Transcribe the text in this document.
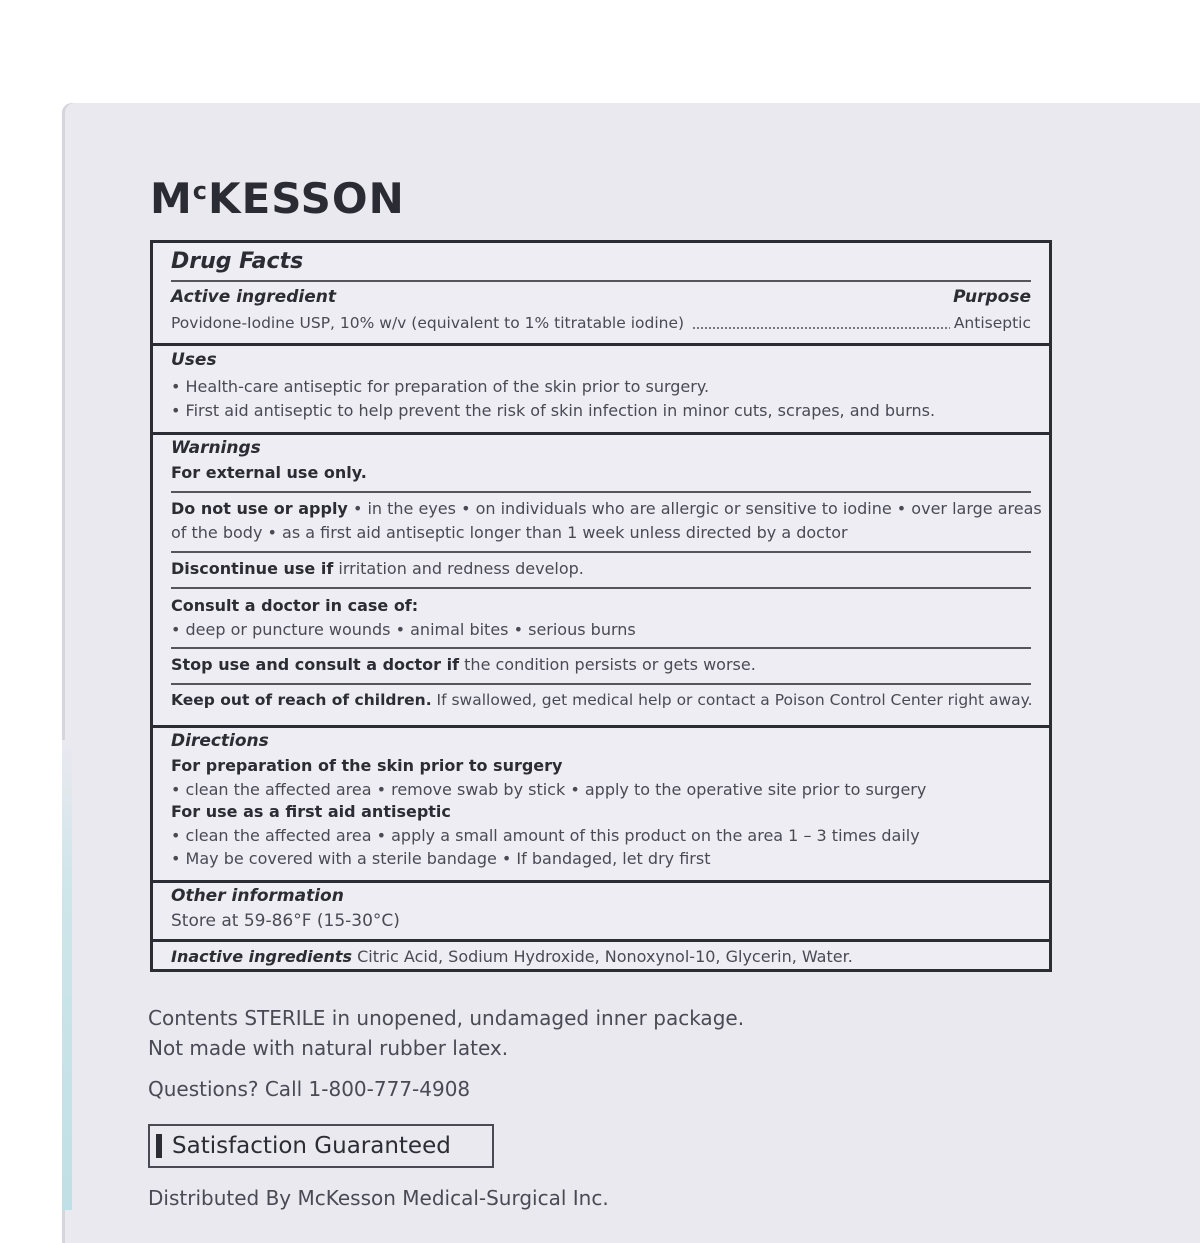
$M^cKESSON$
Drug Facts
Active ingredient	Purpose
Povidone-Iodine USP, 10% w/v (equivalent to 1% titratable iodine)	Antiseptic
Uses
• Health-care antiseptic for preparation of the skin prior to surgery.
• First aid antiseptic to help prevent the risk of skin infection in minor cuts, scrapes, and burns.
Warnings
For external use only.
Do not use or apply • in the eyes • on individuals who are allergic or sensitive to iodine • over large areas
of the body • as a first aid antiseptic longer than 1 week unless directed by a doctor
Discontinue use if irritation and redness develop.
Consult a doctor in case of:
• deep or puncture wounds • animal bites • serious burns
Stop use and consult a doctor if the condition persists or gets worse.
Keep out of reach of children. If swallowed, get medical help or contact a Poison Control Center right away.
Directions
For preparation of the skin prior to surgery
• clean the affected area • remove swab by stick • apply to the operative site prior to surgery
For use as a first aid antiseptic
• clean the affected area • apply a small amount of this product on the area 1 – 3 times daily
• May be covered with a sterile bandage • If bandaged, let dry first
Other information
Store at 59-86°F (15-30°C)
Inactive ingredients Citric Acid, Sodium Hydroxide, Nonoxynol-10, Glycerin, Water.
Contents STERILE in unopened, undamaged inner package.
Not made with natural rubber latex.
Questions? Call 1-800-777-4908
Satisfaction Guaranteed
Distributed By McKesson Medical-Surgical Inc.
